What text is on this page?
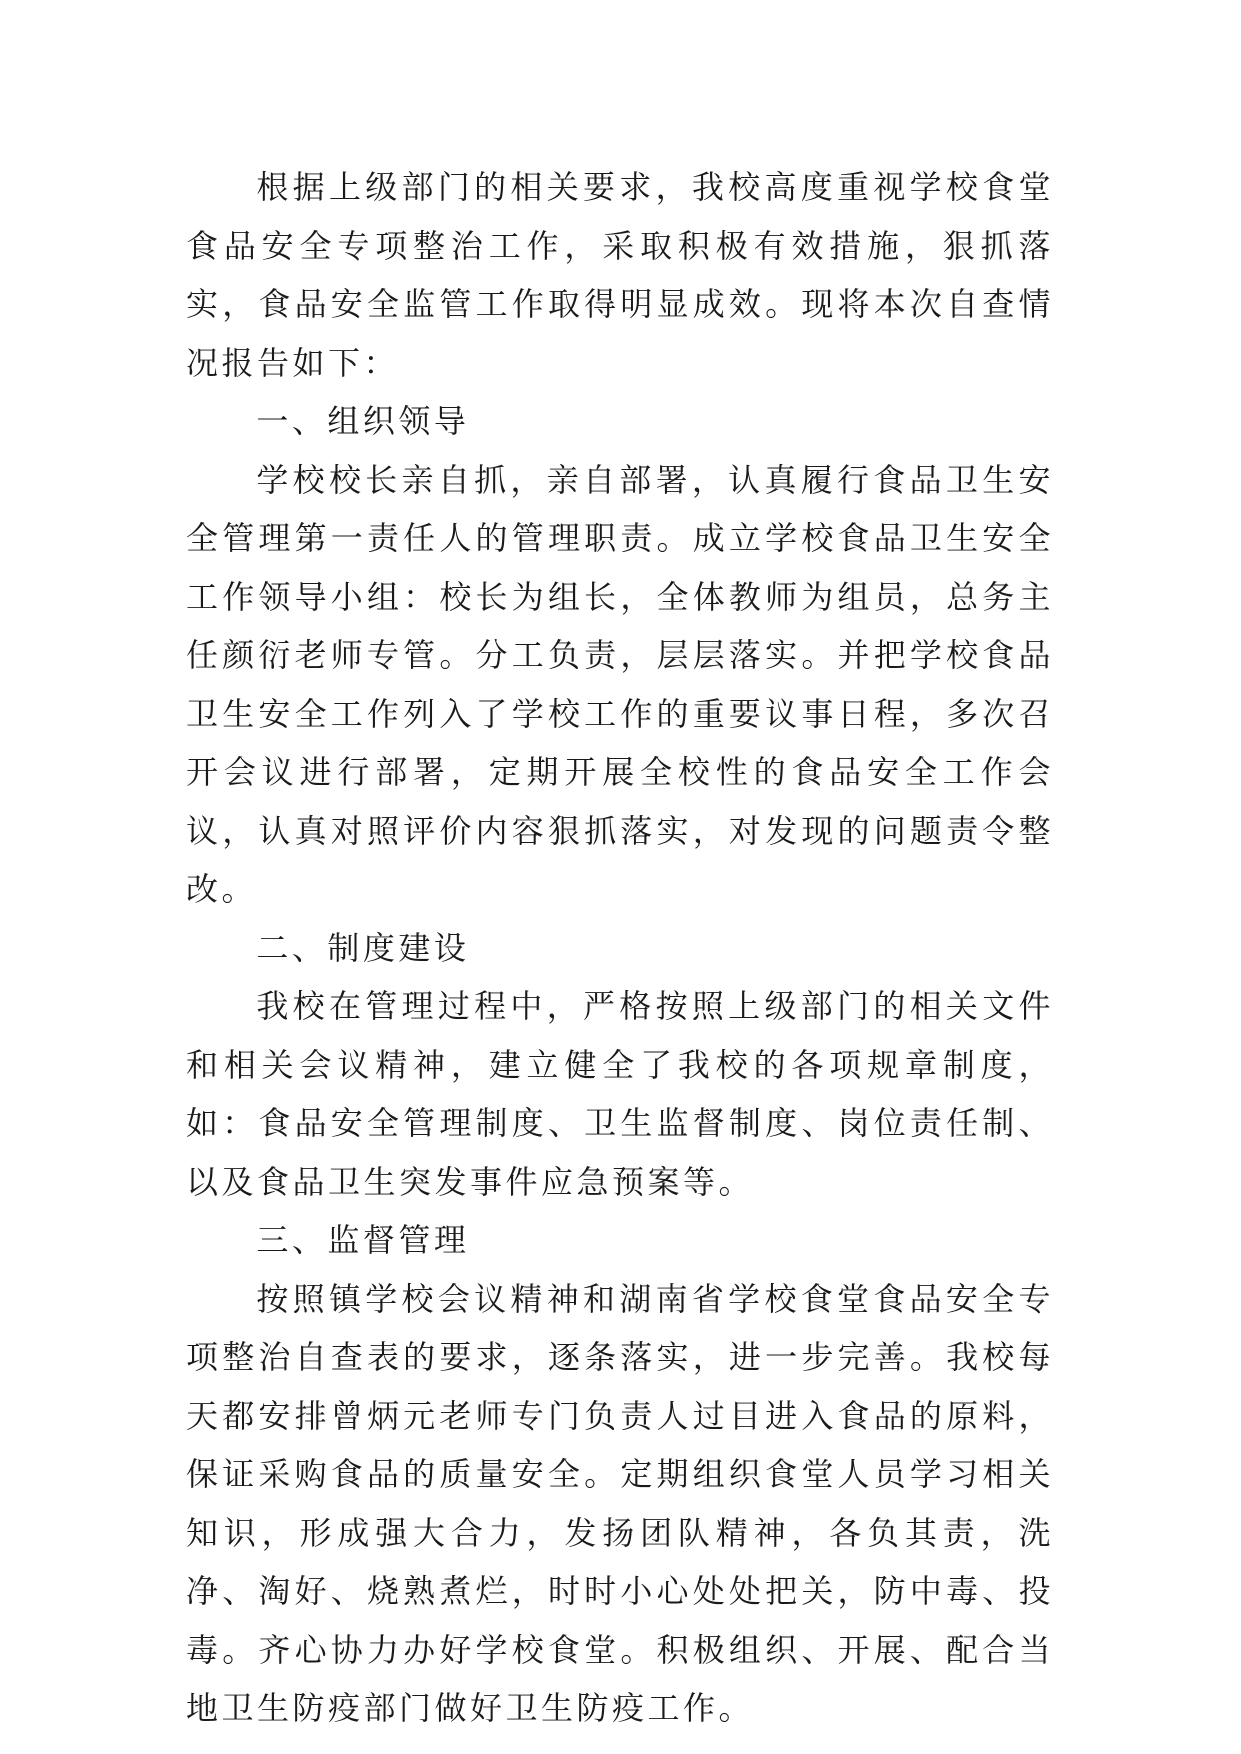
根据上级部门的相关要求，我校高度重视学校食堂食品安全专项整治工作，采取积极有效措施，狠抓落实，食品安全监管工作取得明显成效。现将本次自查情况报告如下：

一、组织领导

学校校长亲自抓，亲自部署，认真履行食品卫生安全管理第一责任人的管理职责。成立学校食品卫生安全工作领导小组：校长为组长，全体教师为组员，总务主任颜衍老师专管。分工负责，层层落实。并把学校食品卫生安全工作列入了学校工作的重要议事日程，多次召开会议进行部署，定期开展全校性的食品安全工作会议，认真对照评价内容狠抓落实，对发现的问题责令整改。

二、制度建设

我校在管理过程中，严格按照上级部门的相关文件和相关会议精神，建立健全了我校的各项规章制度，如：食品安全管理制度、卫生监督制度、岗位责任制、以及食品卫生突发事件应急预案等。

三、监督管理

按照镇学校会议精神和湖南省学校食堂食品安全专项整治自查表的要求，逐条落实，进一步完善。我校每天都安排曾炳元老师专门负责人过目进入食品的原料，保证采购食品的质量安全。定期组织食堂人员学习相关知识，形成强大合力，发扬团队精神，各负其责，洗净、淘好、烧熟煮烂，时时小心处处把关，防中毒、投毒。齐心协力办好学校食堂。积极组织、开展、配合当地卫生防疫部门做好卫生防疫工作。
